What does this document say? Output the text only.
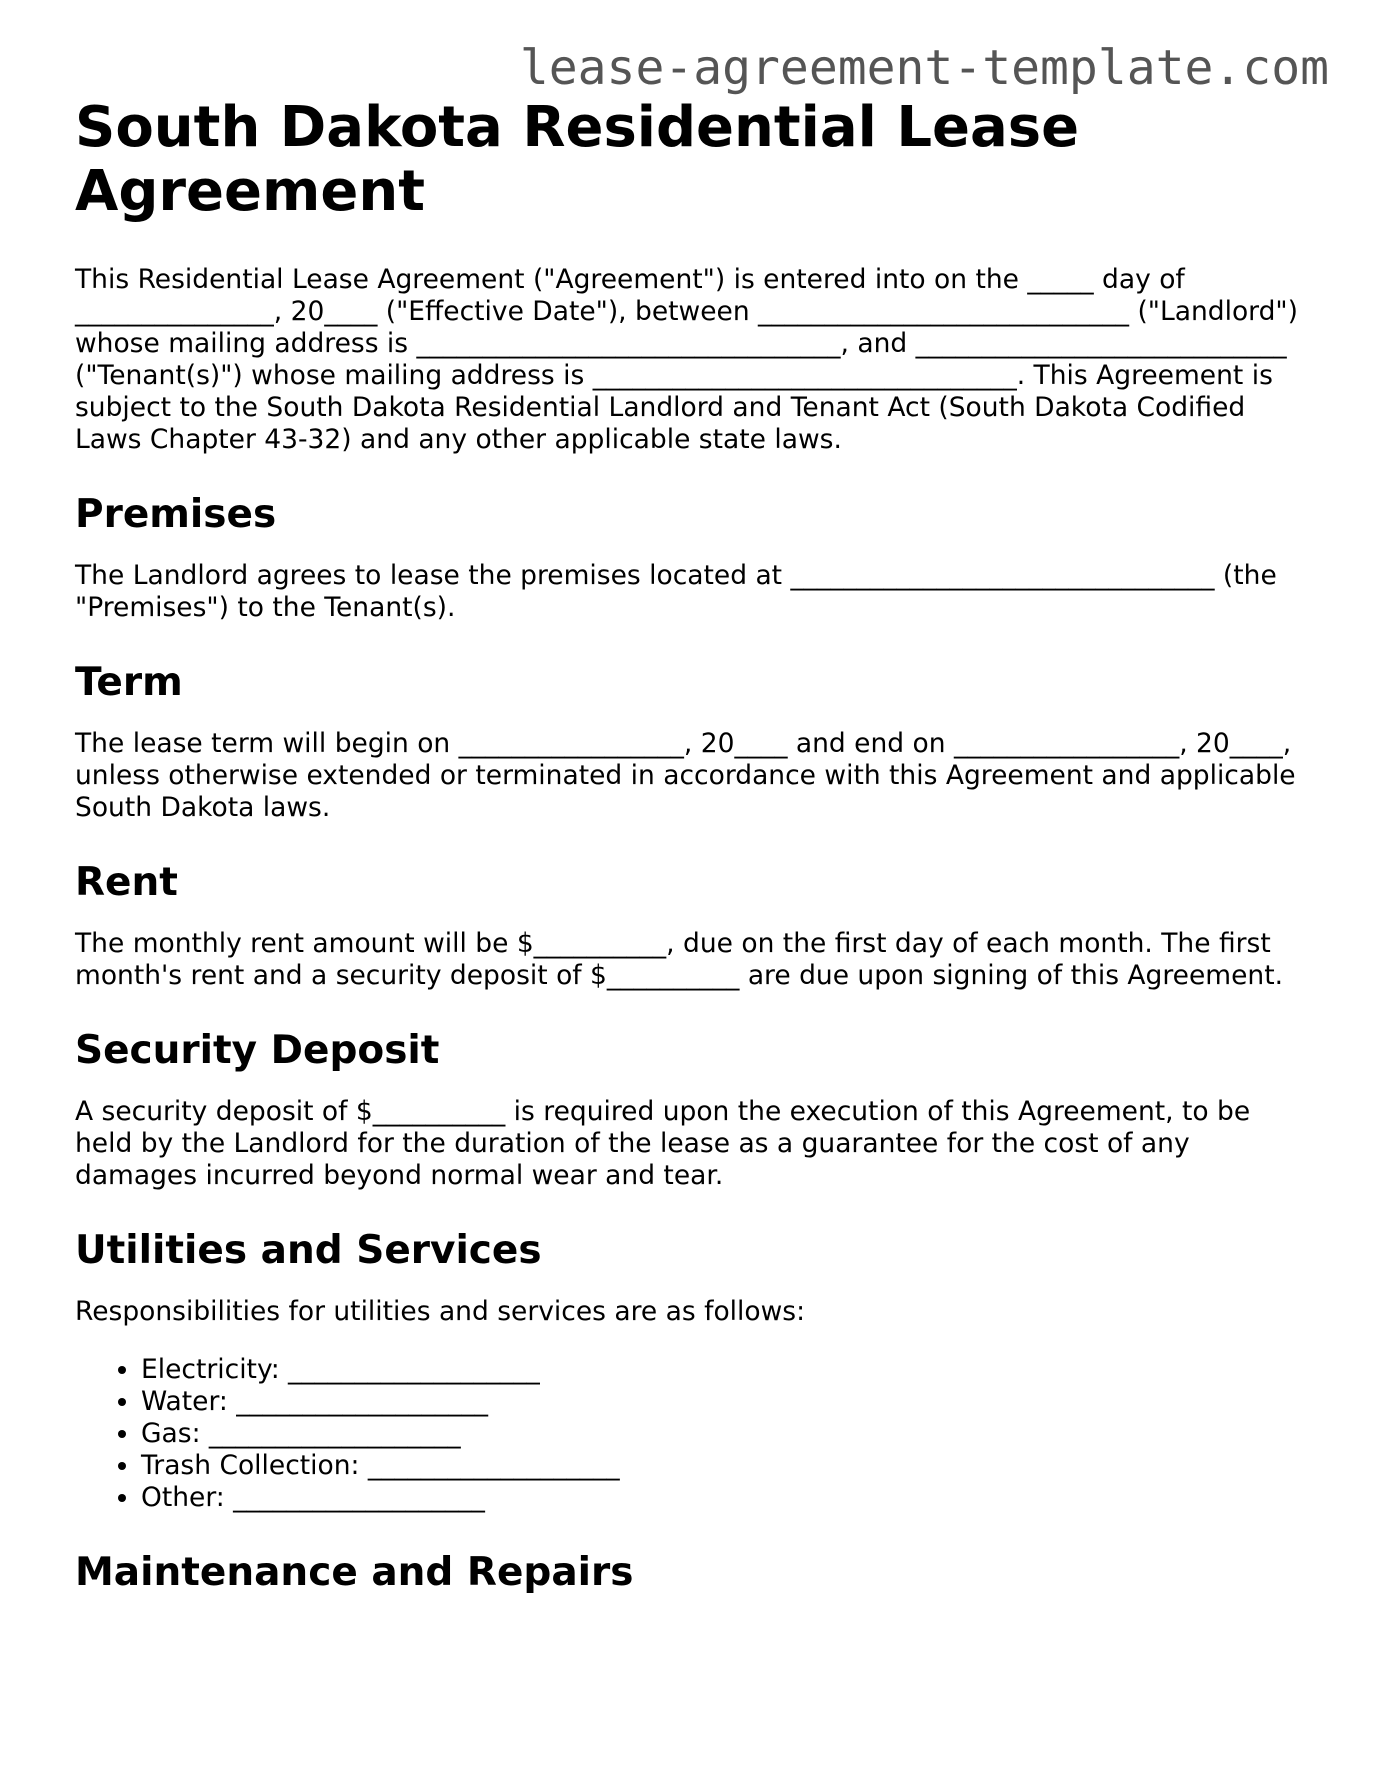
lease-agreement-template.com
South Dakota Residential Lease Agreement

This Residential Lease Agreement ("Agreement") is entered into on the _____ day of _______________, 20____ ("Effective Date"), between ____________________________ ("Landlord") whose mailing address is ________________________________, and ____________________________ ("Tenant(s)") whose mailing address is ________________________________. This Agreement is subject to the South Dakota Residential Landlord and Tenant Act (South Dakota Codified Laws Chapter 43-32) and any other applicable state laws.

Premises

The Landlord agrees to lease the premises located at ________________________________ (the "Premises") to the Tenant(s).

Term

The lease term will begin on _________________, 20____ and end on _________________, 20____, unless otherwise extended or terminated in accordance with this Agreement and applicable South Dakota laws.

Rent

The monthly rent amount will be $__________, due on the first day of each month. The first month's rent and a security deposit of $__________ are due upon signing of this Agreement.

Security Deposit

A security deposit of $__________ is required upon the execution of this Agreement, to be held by the Landlord for the duration of the lease as a guarantee for the cost of any damages incurred beyond normal wear and tear.

Utilities and Services

Responsibilities for utilities and services are as follows:

• Electricity: ___________________
• Water: ___________________
• Gas: ___________________
• Trash Collection: ___________________
• Other: ___________________
Maintenance and Repairs
